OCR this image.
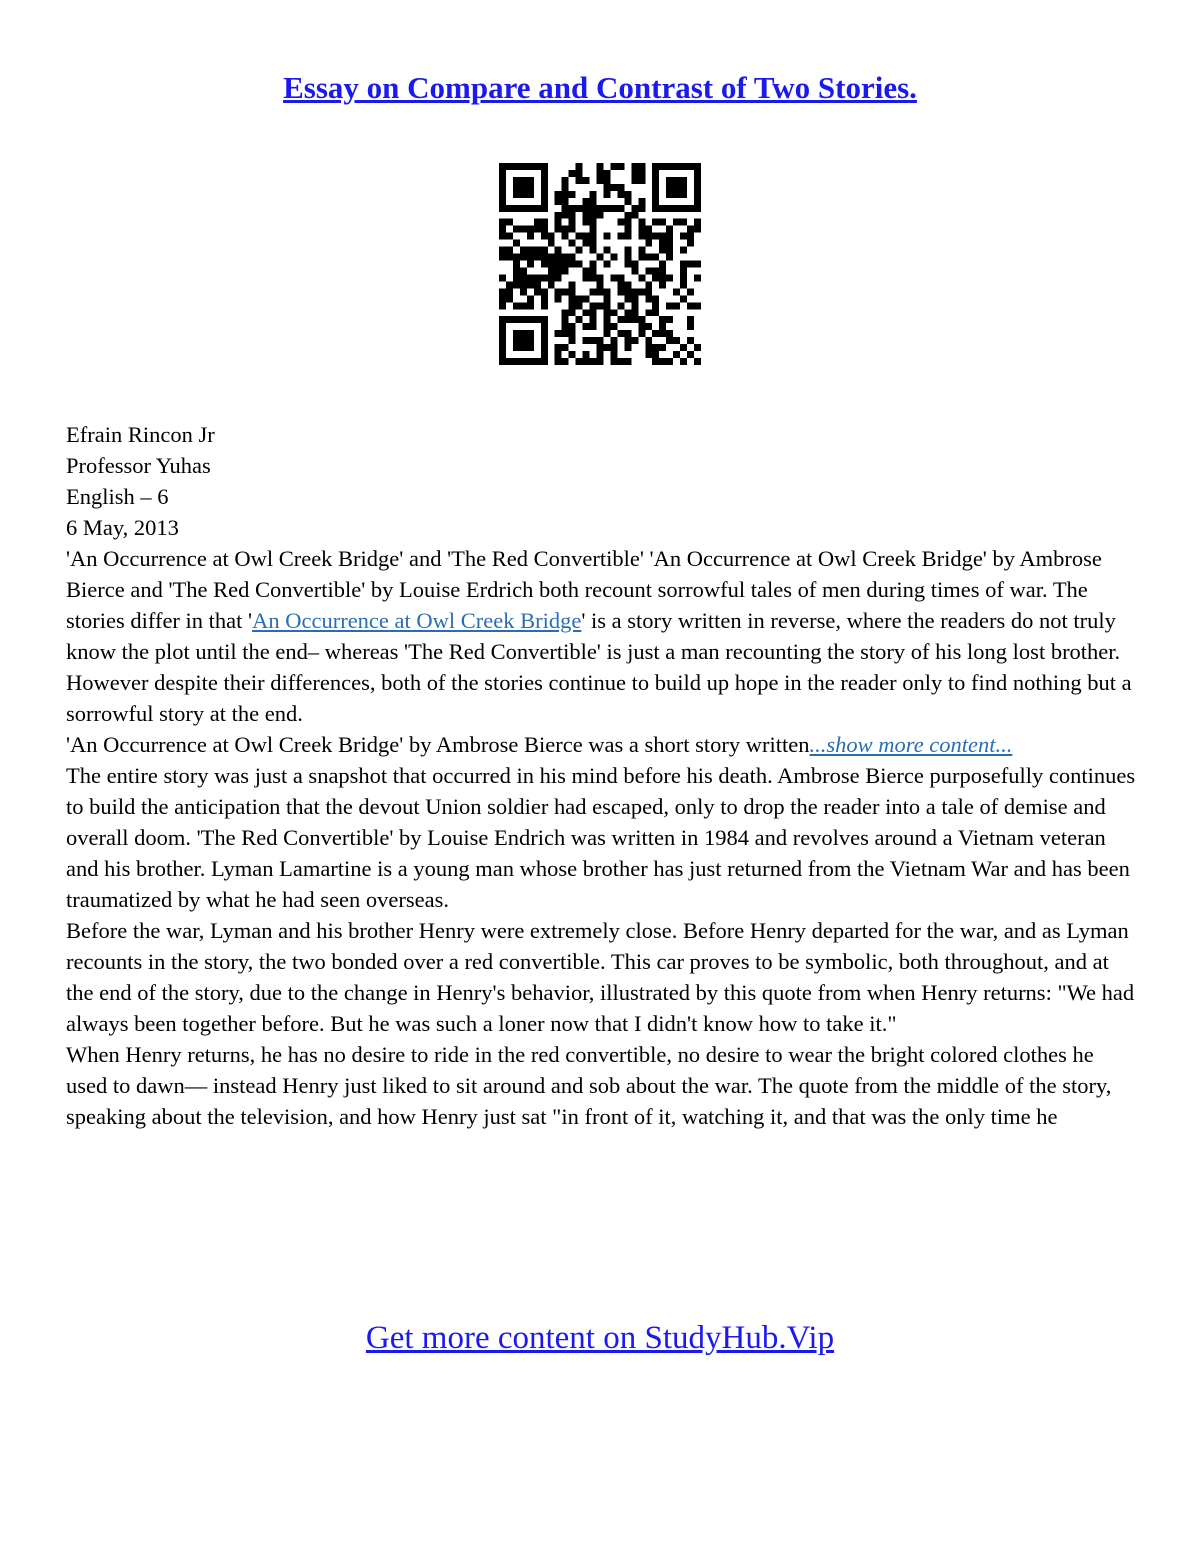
Essay on Compare and Contrast of Two Stories.

Efrain Rincon Jr

Professor Yuhas

English – 6

6 May, 2013

'An Occurrence at Owl Creek Bridge' and 'The Red Convertible' 'An Occurrence at Owl Creek Bridge' by Ambrose Bierce and 'The Red Convertible' by Louise Erdrich both recount sorrowful tales of men during times of war. The stories differ in that 'An Occurrence at Owl Creek Bridge' is a story written in reverse, where the readers do not truly know the plot until the end– whereas 'The Red Convertible' is just a man recounting the story of his long lost brother. However despite their differences, both of the stories continue to build up hope in the reader only to find nothing but a sorrowful story at the end.

'An Occurrence at Owl Creek Bridge' by Ambrose Bierce was a short story written...show more content...

The entire story was just a snapshot that occurred in his mind before his death. Ambrose Bierce purposefully continues to build the anticipation that the devout Union soldier had escaped, only to drop the reader into a tale of demise and overall doom. 'The Red Convertible' by Louise Endrich was written in 1984 and revolves around a Vietnam veteran and his brother. Lyman Lamartine is a young man whose brother has just returned from the Vietnam War and has been traumatized by what he had seen overseas.

Before the war, Lyman and his brother Henry were extremely close. Before Henry departed for the war, and as Lyman recounts in the story, the two bonded over a red convertible. This car proves to be symbolic, both throughout, and at the end of the story, due to the change in Henry's behavior, illustrated by this quote from when Henry returns: "We had always been together before. But he was such a loner now that I didn't know how to take it."

When Henry returns, he has no desire to ride in the red convertible, no desire to wear the bright colored clothes he used to dawn— instead Henry just liked to sit around and sob about the war. The quote from the middle of the story, speaking about the television, and how Henry just sat "in front of it, watching it, and that was the only time he

Get more content on StudyHub.Vip
